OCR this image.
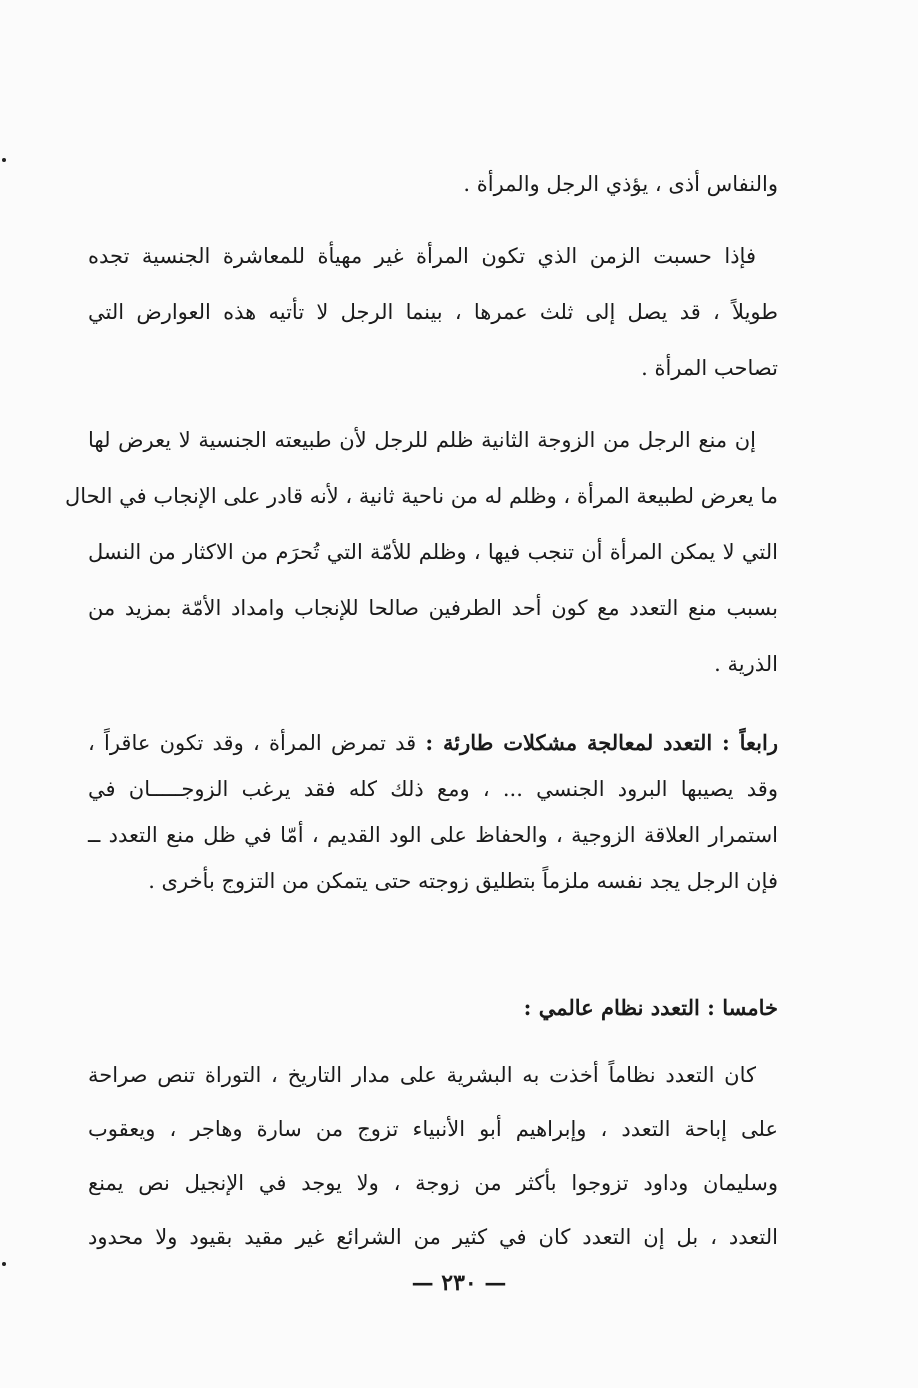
والنفاس أذى ، يؤذي الرجل والمرأة .
فإذا حسبت الزمن الذي تكون المرأة غير مهيأة للمعاشرة الجنسية تجده
طويلاً ، قد يصل إلى ثلث عمرها ، بينما الرجل لا تأتيه هذه العوارض التي
تصاحب المرأة .
إن منع الرجل من الزوجة الثانية ظلم للرجل لأن طبيعته الجنسية لا يعرض لها
ما يعرض لطبيعة المرأة ، وظلم له من ناحية ثانية ، لأنه قادر على الإنجاب في الحال
التي لا يمكن المرأة أن تنجب فيها ، وظلم للأمّة التي تُحرَم من الاكثار من النسل
بسبب منع التعدد مع كون أحد الطرفين صالحا للإنجاب وامداد الأمّة بمزيد من
الذرية .
رابعاً : التعدد لمعالجة مشكلات طارئة : قد تمرض المرأة ، وقد تكون عاقراً ،
وقد يصيبها البرود الجنسي ... ، ومع ذلك كله فقد يرغب الزوجـــــان في
استمرار العلاقة الزوجية ، والحفاظ على الود القديم ، أمّا في ظل منع التعدد ــ
فإن الرجل يجد نفسه ملزماً بتطليق زوجته حتى يتمكن من التزوج بأخرى .
خامسا : التعدد نظام عالمي :
كان التعدد نظاماً أخذت به البشرية على مدار التاريخ ، التوراة تنص صراحة
على إباحة التعدد ، وإبراهيم أبو الأنبياء تزوج من سارة وهاجر ، ويعقوب
وسليمان وداود تزوجوا بأكثر من زوجة ، ولا يوجد في الإنجيل نص يمنع
التعدد ، بل إن التعدد كان في كثير من الشرائع غير مقيد بقيود ولا محدود
— ٢٣٠ —
